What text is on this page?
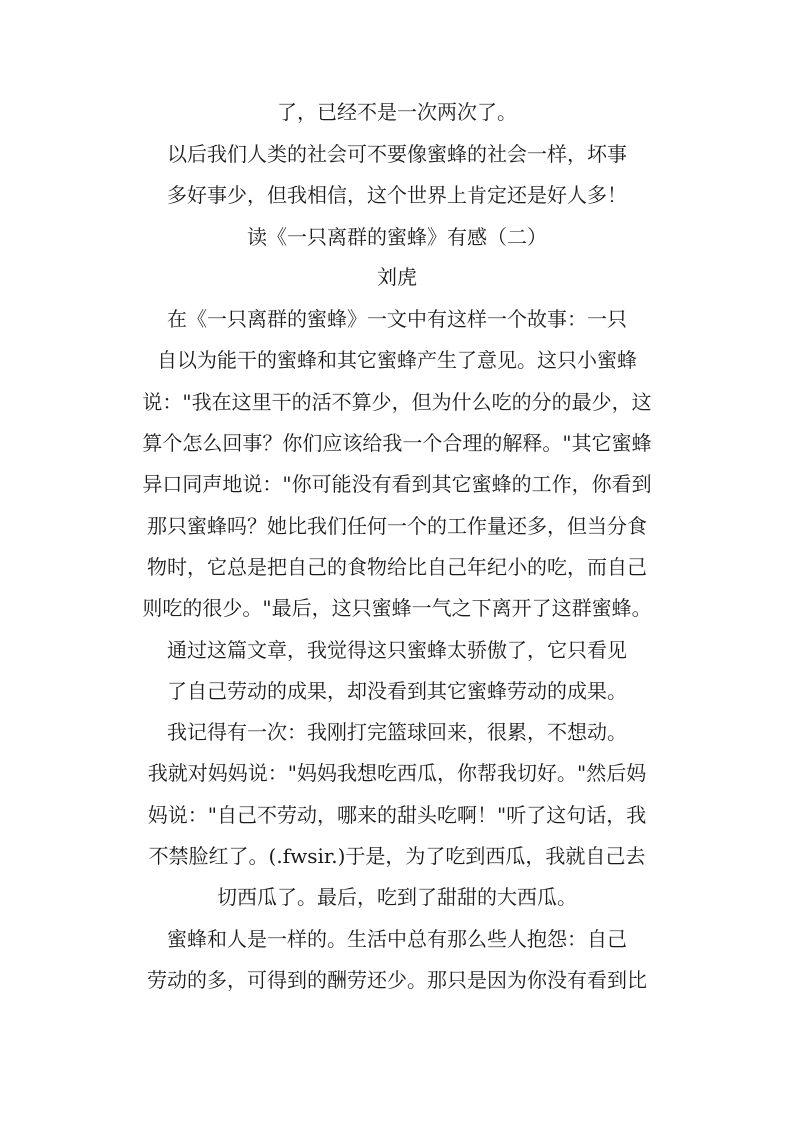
了，已经不是一次两次了。
以后我们人类的社会可不要像蜜蜂的社会一样，坏事
多好事少，但我相信，这个世界上肯定还是好人多！
读《一只离群的蜜蜂》有感（二）
刘虎
在《一只离群的蜜蜂》一文中有这样一个故事：一只
自以为能干的蜜蜂和其它蜜蜂产生了意见。这只小蜜蜂
说："我在这里干的活不算少，但为什么吃的分的最少，这
算个怎么回事？你们应该给我一个合理的解释。"其它蜜蜂
异口同声地说："你可能没有看到其它蜜蜂的工作，你看到
那只蜜蜂吗？她比我们任何一个的工作量还多，但当分食
物时，它总是把自己的食物给比自己年纪小的吃，而自己
则吃的很少。"最后，这只蜜蜂一气之下离开了这群蜜蜂。
通过这篇文章，我觉得这只蜜蜂太骄傲了，它只看见
了自己劳动的成果，却没看到其它蜜蜂劳动的成果。
我记得有一次：我刚打完篮球回来，很累，不想动。
我就对妈妈说："妈妈我想吃西瓜，你帮我切好。"然后妈
妈说："自己不劳动，哪来的甜头吃啊！"听了这句话，我
不禁脸红了。(.fwsir.)于是，为了吃到西瓜，我就自己去
切西瓜了。最后，吃到了甜甜的大西瓜。
蜜蜂和人是一样的。生活中总有那么些人抱怨：自己
劳动的多，可得到的酬劳还少。那只是因为你没有看到比
